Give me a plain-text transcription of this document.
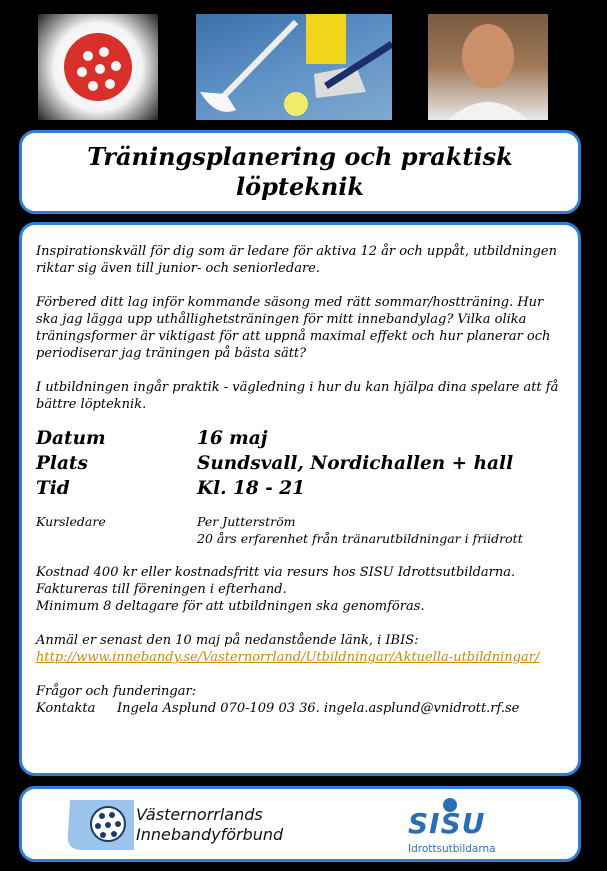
Träningsplanering och praktisk löpteknik

Inspirationskväll för dig som är ledare för aktiva 12 år och uppåt, utbildningen riktar sig även till junior- och seniorledare.

Förbered ditt lag inför kommande säsong med rätt sommar/hostträning. Hur ska jag lägga upp uthållighetsträningen för mitt innebandylag? Vilka olika träningsformer är viktigast för att uppnå maximal effekt och hur planerar och periodiserar jag träningen på bästa sätt?

I utbildningen ingår praktik - vägledning i hur du kan hjälpa dina spelare att få bättre löpteknik.

Datum	16 maj
Plats	Sundsvall, Nordichallen + hall
Tid	Kl. 18 - 21
Kursledare	Per Jutterström
20 års erfarenhet från tränarutbildningar i friidrott

Kostnad 400 kr eller kostnadsfritt via resurs hos SISU Idrottsutbildarna.
Faktureras till föreningen i efterhand.
Minimum 8 deltagare för att utbildningen ska genomföras.

Anmäl er senast den 10 maj på nedanstående länk, i IBIS:
http://www.innebandy.se/Vasternorrland/Utbildningar/Aktuella-utbildningar/

Frågor och funderingar:
Kontakta	Ingela Asplund 070-109 03 36. ingela.asplund@vnidrott.rf.se
Västernorrlands
Innebandyförbund	SISU
Idrottsutbildarna
